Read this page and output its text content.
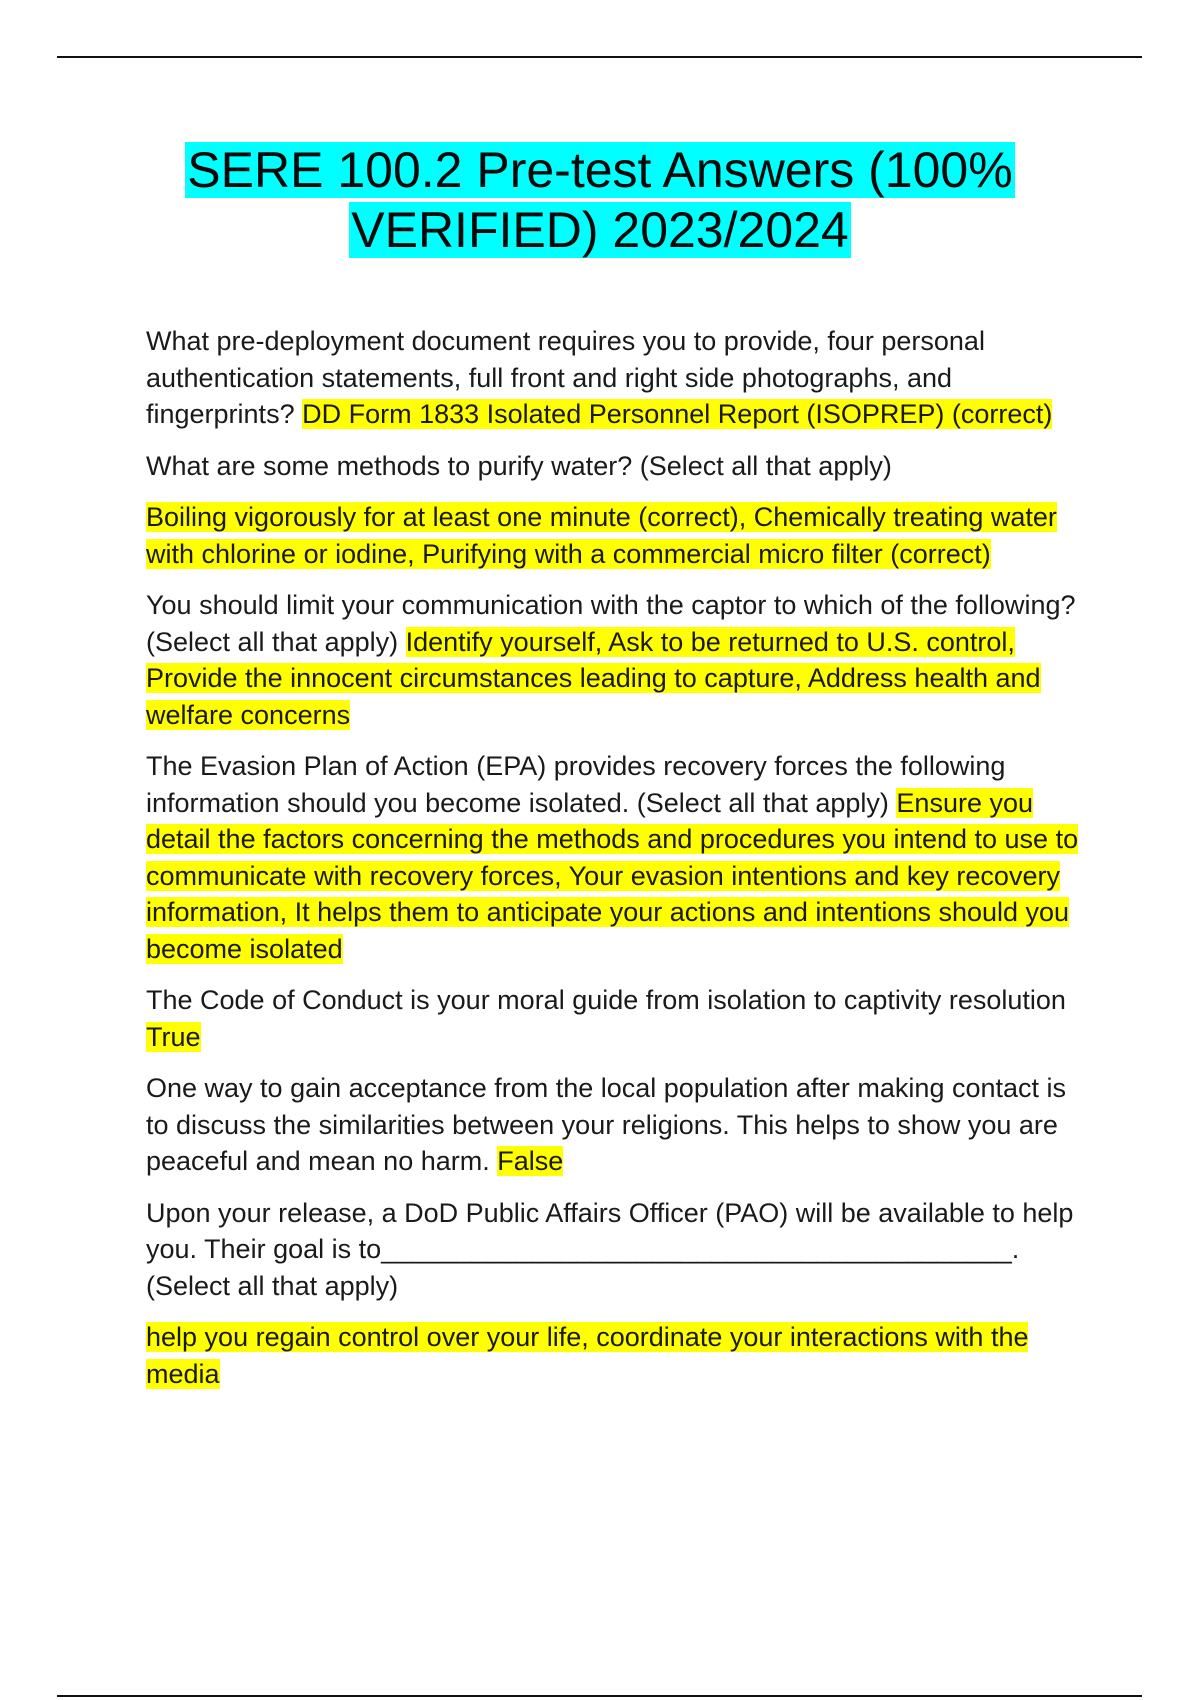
SERE 100.2 Pre-test Answers (100%
VERIFIED) 2023/2024

What pre-deployment document requires you to provide, four personal authentication statements, full front and right side photographs, and fingerprints? DD Form 1833 Isolated Personnel Report (ISOPREP) (correct)

What are some methods to purify water? (Select all that apply)

Boiling vigorously for at least one minute (correct), Chemically treating water with chlorine or iodine, Purifying with a commercial micro filter (correct)

You should limit your communication with the captor to which of the following? (Select all that apply) Identify yourself, Ask to be returned to U.S. control, Provide the innocent circumstances leading to capture, Address health and welfare concerns

The Evasion Plan of Action (EPA) provides recovery forces the following information should you become isolated. (Select all that apply) Ensure you detail the factors concerning the methods and procedures you intend to use to communicate with recovery forces, Your evasion intentions and key recovery information, It helps them to anticipate your actions and intentions should you become isolated

The Code of Conduct is your moral guide from isolation to captivity resolution True

One way to gain acceptance from the local population after making contact is to discuss the similarities between your religions. This helps to show you are peaceful and mean no harm. False

Upon your release, a DoD Public Affairs Officer (PAO) will be available to help you. Their goal is to__________________________________________. (Select all that apply)

help you regain control over your life, coordinate your interactions with the media
